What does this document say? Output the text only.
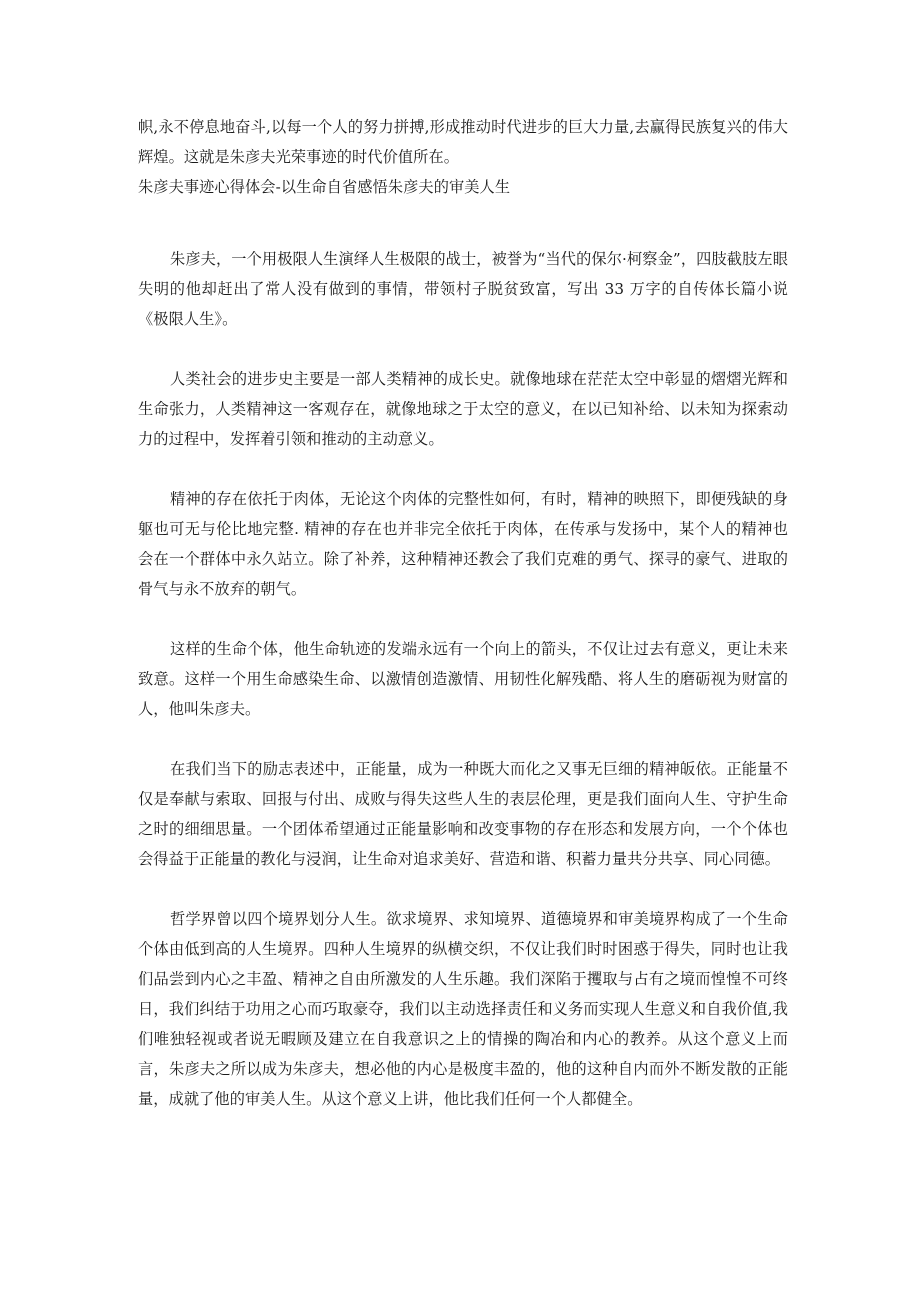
帜,永不停息地奋斗,以每一个人的努力拼搏,形成推动时代进步的巨大力量,去赢得民族复兴的伟大辉煌。这就是朱彦夫光荣事迹的时代价值所在。

朱彦夫事迹心得体会-以生命自省感悟朱彦夫的审美人生

朱彦夫，一个用极限人生演绎人生极限的战士，被誉为“当代的保尔·柯察金”，四肢截肢左眼失明的他却赶出了常人没有做到的事情，带领村子脱贫致富，写出 33 万字的自传体长篇小说《极限人生》。

人类社会的进步史主要是一部人类精神的成长史。就像地球在茫茫太空中彰显的熠熠光辉和生命张力，人类精神这一客观存在，就像地球之于太空的意义，在以已知补给、以未知为探索动力的过程中，发挥着引领和推动的主动意义。

精神的存在依托于肉体，无论这个肉体的完整性如何，有时，精神的映照下，即便残缺的身躯也可无与伦比地完整. 精神的存在也并非完全依托于肉体，在传承与发扬中，某个人的精神也会在一个群体中永久站立。除了补养，这种精神还教会了我们克难的勇气、探寻的豪气、进取的骨气与永不放弃的朝气。

这样的生命个体，他生命轨迹的发端永远有一个向上的箭头，不仅让过去有意义，更让未来致意。这样一个用生命感染生命、以激情创造激情、用韧性化解残酷、将人生的磨砺视为财富的人，他叫朱彦夫。

在我们当下的励志表述中，正能量，成为一种既大而化之又事无巨细的精神皈依。正能量不仅是奉献与索取、回报与付出、成败与得失这些人生的表层伦理，更是我们面向人生、守护生命之时的细细思量。一个团体希望通过正能量影响和改变事物的存在形态和发展方向，一个个体也会得益于正能量的教化与浸润，让生命对追求美好、营造和谐、积蓄力量共分共享、同心同德。

哲学界曾以四个境界划分人生。欲求境界、求知境界、道德境界和审美境界构成了一个生命个体由低到高的人生境界。四种人生境界的纵横交织，不仅让我们时时困惑于得失，同时也让我们品尝到内心之丰盈、精神之自由所激发的人生乐趣。我们深陷于攫取与占有之境而惶惶不可终日，我们纠结于功用之心而巧取豪夺，我们以主动选择责任和义务而实现人生意义和自我价值,我们唯独轻视或者说无暇顾及建立在自我意识之上的情操的陶冶和内心的教养。从这个意义上而言，朱彦夫之所以成为朱彦夫，想必他的内心是极度丰盈的，他的这种自内而外不断发散的正能量，成就了他的审美人生。从这个意义上讲，他比我们任何一个人都健全。
